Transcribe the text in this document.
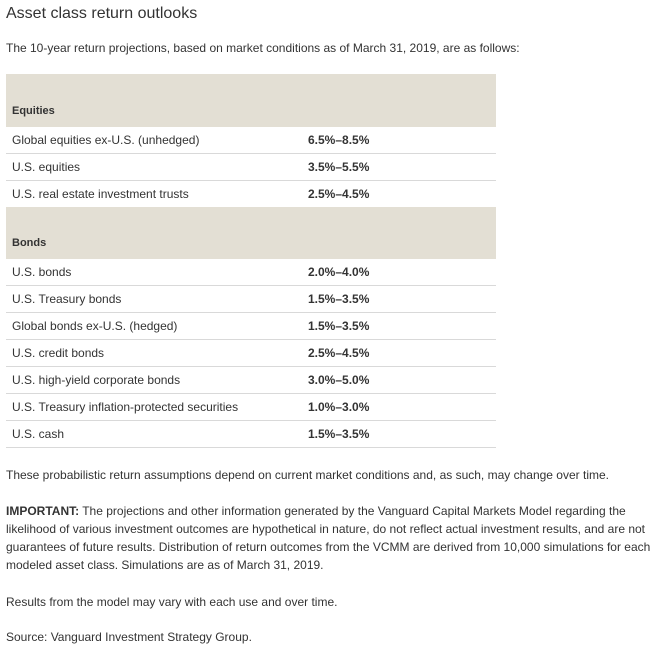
Asset class return outlooks

The 10-year return projections, based on market conditions as of March 31, 2019, are as follows:

Equities	
Global equities ex-U.S. (unhedged)	6.5%–8.5%
U.S. equities	3.5%–5.5%
U.S. real estate investment trusts	2.5%–4.5%
Bonds	
U.S. bonds	2.0%–4.0%
U.S. Treasury bonds	1.5%–3.5%
Global bonds ex-U.S. (hedged)	1.5%–3.5%
U.S. credit bonds	2.5%–4.5%
U.S. high-yield corporate bonds	3.0%–5.0%
U.S. Treasury inflation-protected securities	1.0%–3.0%
U.S. cash	1.5%–3.5%

These probabilistic return assumptions depend on current market conditions and, as such, may change over time.

IMPORTANT: The projections and other information generated by the Vanguard Capital Markets Model regarding the likelihood of various investment outcomes are hypothetical in nature, do not reflect actual investment results, and are not guarantees of future results. Distribution of return outcomes from the VCMM are derived from 10,000 simulations for each modeled asset class. Simulations are as of March 31, 2019.

Results from the model may vary with each use and over time.

Source: Vanguard Investment Strategy Group.
